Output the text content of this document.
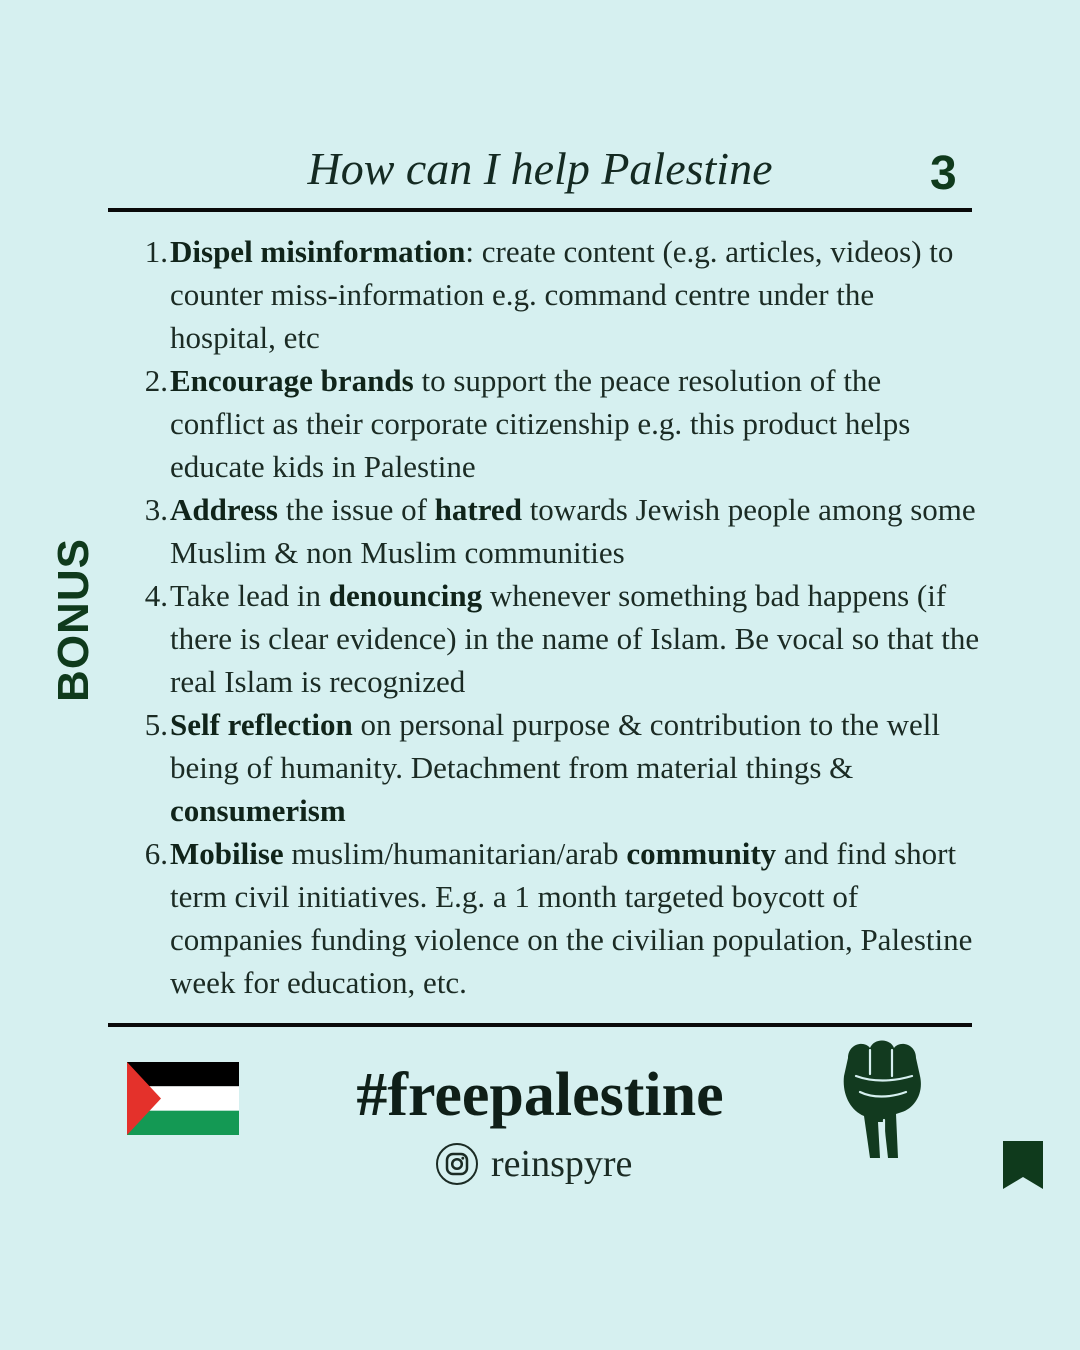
How can I help Palestine	3
BONUS
1. Dispel misinformation: create content (e.g. articles, videos) to counter miss-information e.g. command centre under the hospital, etc
2. Encourage brands to support the peace resolution of the conflict as their corporate citizenship e.g. this product helps educate kids in Palestine
3. Address the issue of hatred towards Jewish people among some Muslim & non Muslim communities
4. Take lead in denouncing whenever something bad happens (if there is clear evidence) in the name of Islam. Be vocal so that the real Islam is recognized
5. Self reflection on personal purpose & contribution to the well being of humanity. Detachment from material things & consumerism
6. Mobilise muslim/humanitarian/arab community and find short term civil initiatives. E.g. a 1 month targeted boycott of companies funding violence on the civilian population, Palestine week for education, etc.
#freepalestine
reinspyre
